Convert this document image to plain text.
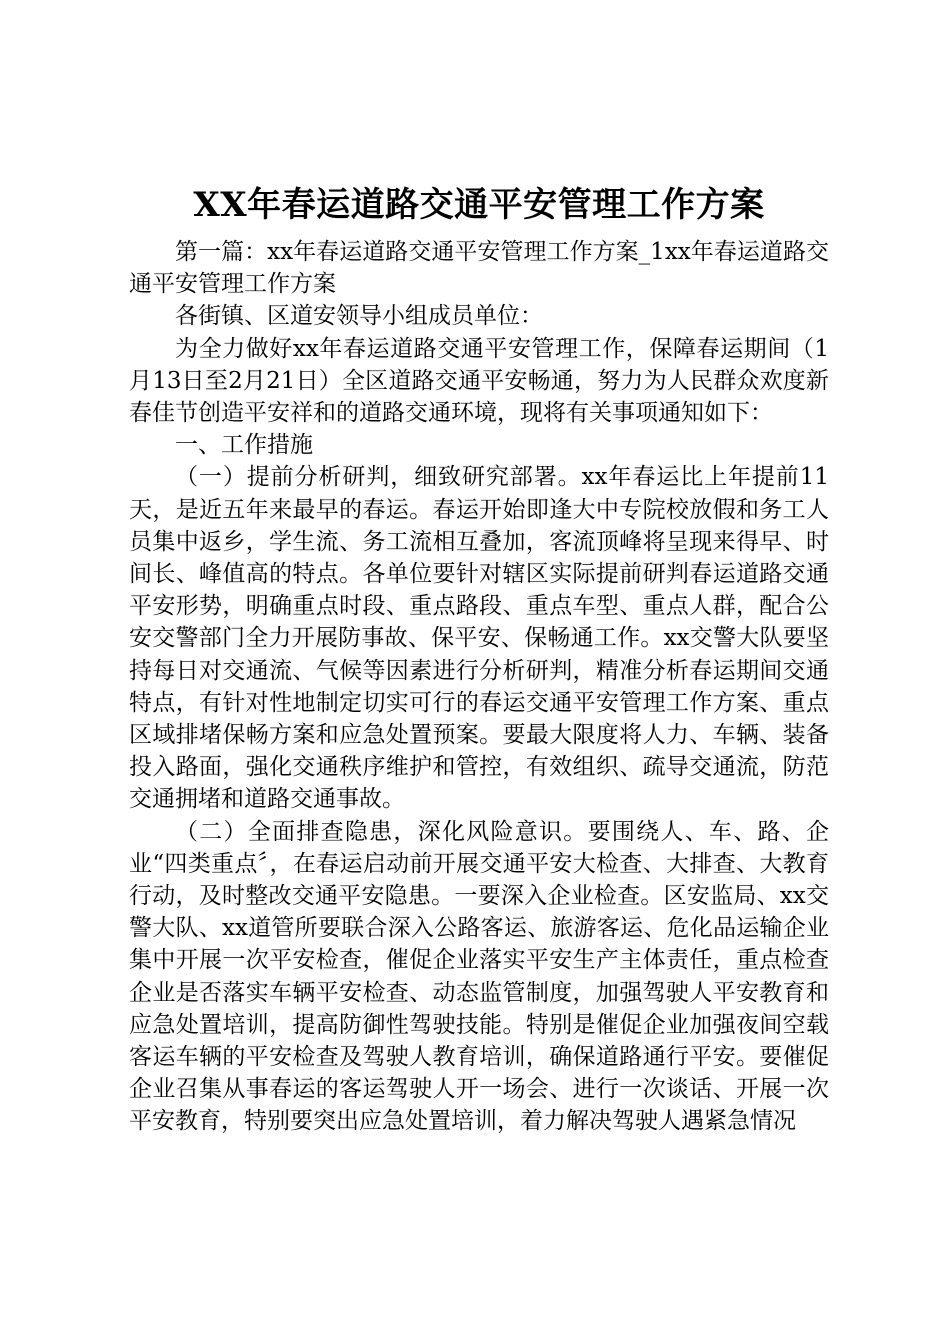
XX年春运道路交通平安管理工作方案

第一篇：xx年春运道路交通平安管理工作方案_1xx年春运道路交通平安管理工作方案

各街镇、区道安领导小组成员单位：

为全力做好xx年春运道路交通平安管理工作，保障春运期间（1月13日至2月21日）全区道路交通平安畅通，努力为人民群众欢度新春佳节创造平安祥和的道路交通环境，现将有关事项通知如下：

一、工作措施

（一）提前分析研判，细致研究部署。xx年春运比上年提前11天，是近五年来最早的春运。春运开始即逢大中专院校放假和务工人员集中返乡，学生流、务工流相互叠加，客流顶峰将呈现来得早、时间长、峰值高的特点。各单位要针对辖区实际提前研判春运道路交通平安形势，明确重点时段、重点路段、重点车型、重点人群，配合公安交警部门全力开展防事故、保平安、保畅通工作。xx交警大队要坚持每日对交通流、气候等因素进行分析研判，精准分析春运期间交通特点，有针对性地制定切实可行的春运交通平安管理工作方案、重点区域排堵保畅方案和应急处置预案。要最大限度将人力、车辆、装备投入路面，强化交通秩序维护和管控，有效组织、疏导交通流，防范交通拥堵和道路交通事故。

（二）全面排查隐患，深化风险意识。要围绕人、车、路、企业“四类重点〞，在春运启动前开展交通平安大检查、大排查、大教育行动，及时整改交通平安隐患。一要深入企业检查。区安监局、xx交警大队、xx道管所要联合深入公路客运、旅游客运、危化品运输企业集中开展一次平安检查，催促企业落实平安生产主体责任，重点检查企业是否落实车辆平安检查、动态监管制度，加强驾驶人平安教育和应急处置培训，提高防御性驾驶技能。特别是催促企业加强夜间空载客运车辆的平安检查及驾驶人教育培训，确保道路通行平安。要催促企业召集从事春运的客运驾驶人开一场会、进行一次谈话、开展一次平安教育，特别要突出应急处置培训，着力解决驾驶人遇紧急情况
